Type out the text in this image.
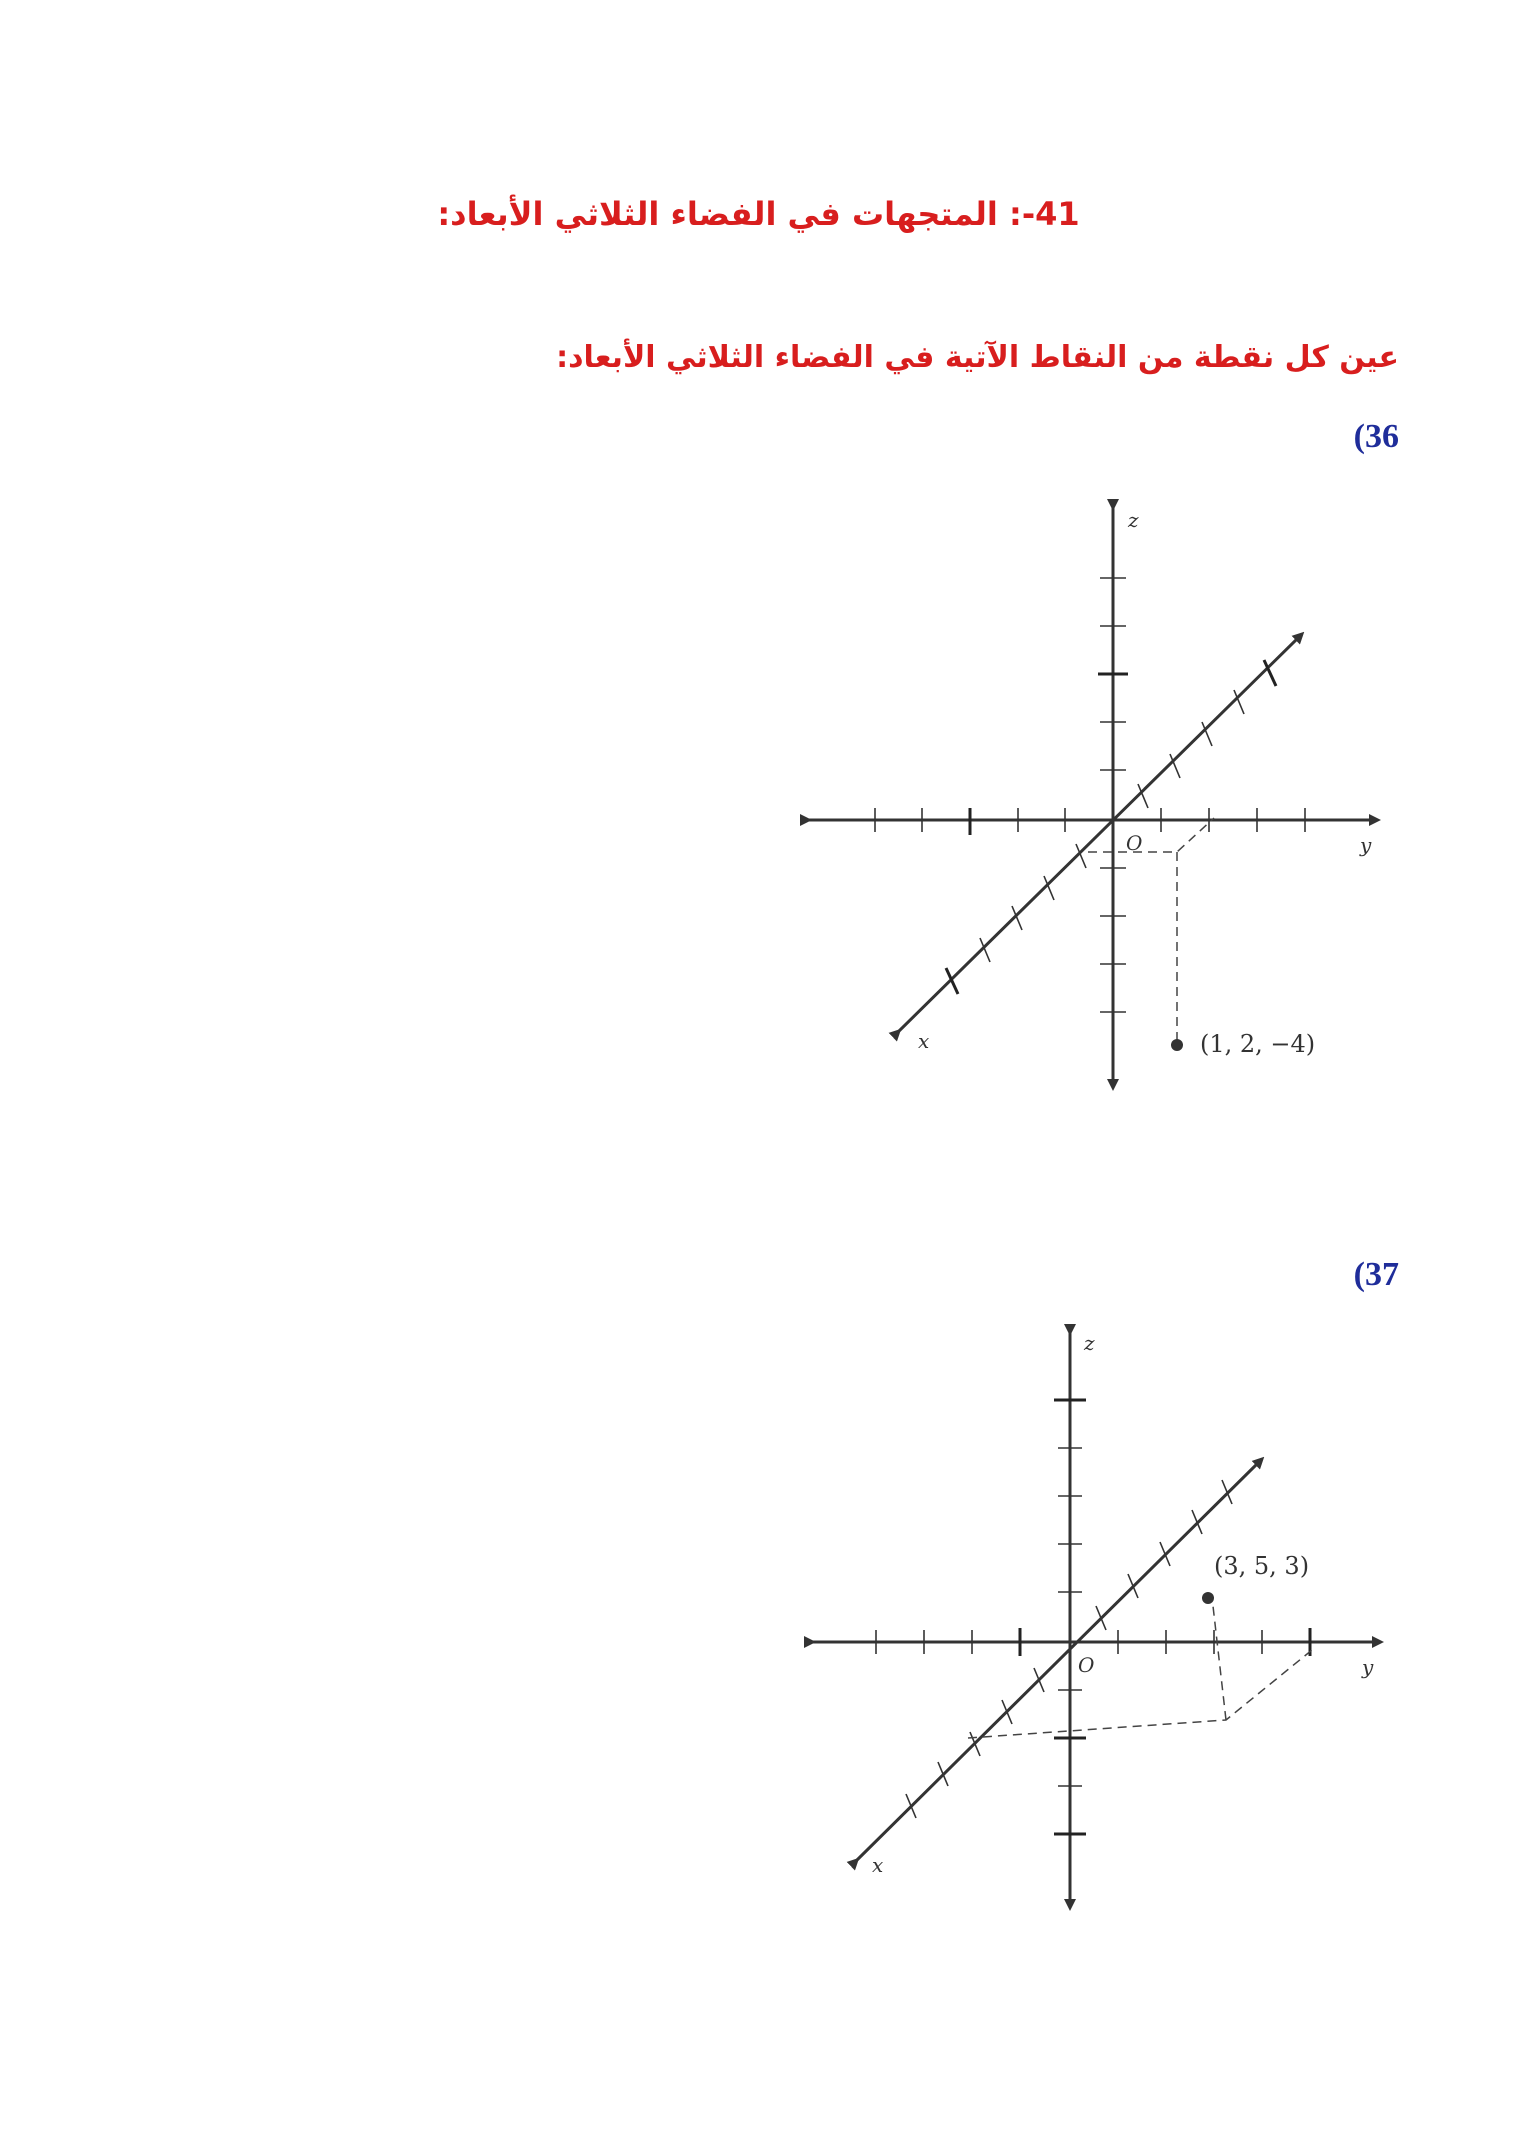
41-: المتجهات في الفضاء الثلاثي الأبعاد:
عين كل نقطة من النقاط الآتية في الفضاء الثلاثي الأبعاد:
(36
(37
z
y
x
O
(1, 2, −4)
z
y
x
O
(3, 5, 3)
